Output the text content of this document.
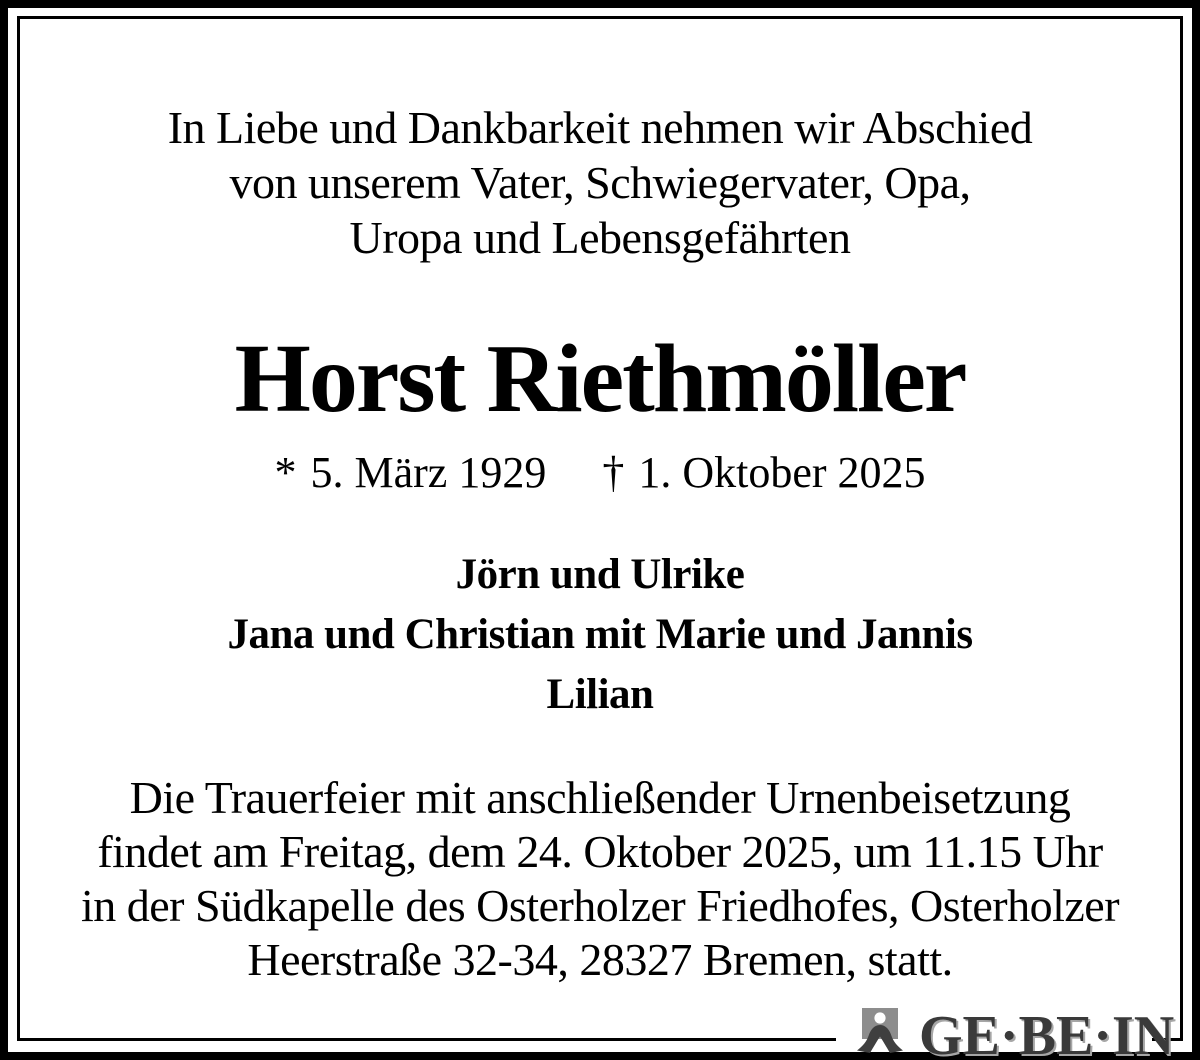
In Liebe und Dankbarkeit nehmen wir Abschied
von unserem Vater, Schwiegervater, Opa,
Uropa und Lebensgefährten
Horst Riethmöller
* 5. März 1929 † 1. Oktober 2025
Jörn und Ulrike
Jana und Christian mit Marie und Jannis
Lilian
Die Trauerfeier mit anschließender Urnenbeisetzung
findet am Freitag, dem 24. Oktober 2025, um 11.15 Uhr
in der Südkapelle des Osterholzer Friedhofes, Osterholzer
Heerstraße 32-34, 28327 Bremen, statt.
GE·BE·IN
